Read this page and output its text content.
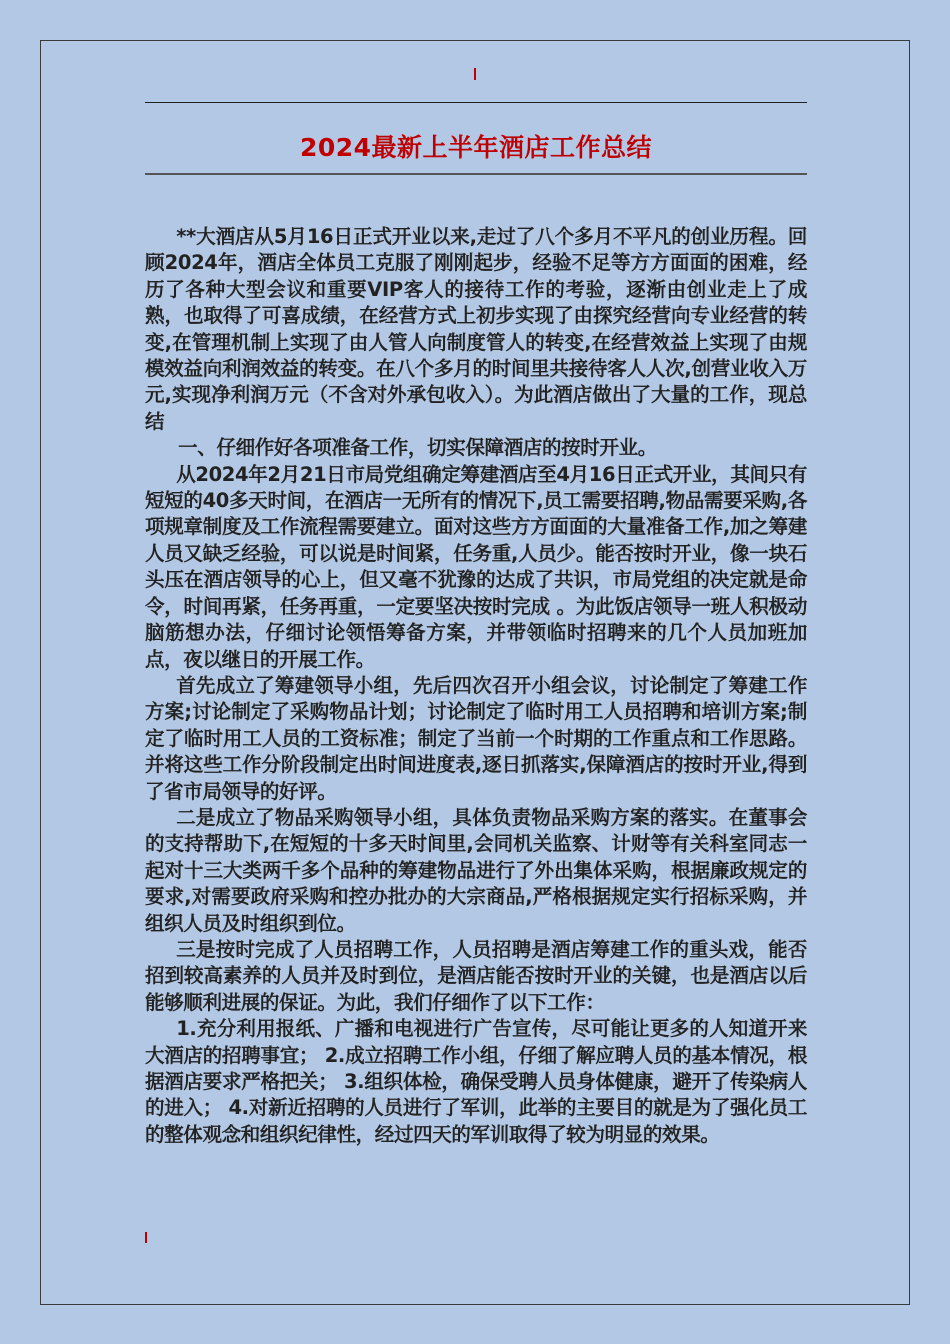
2024最新上半年酒店工作总结

**大酒店从5月16日正式开业以来,走过了八个多月不平凡的创业历程。回顾2024年，酒店全体员工克服了刚刚起步，经验不足等方方面面的困难，经历了各种大型会议和重要VIP客人的接待工作的考验，逐渐由创业走上了成熟，也取得了可喜成绩，在经营方式上初步实现了由探究经营向专业经营的转变,在管理机制上实现了由人管人向制度管人的转变,在经营效益上实现了由规模效益向利润效益的转变。在八个多月的时间里共接待客人人次,创营业收入万元,实现净利润万元（不含对外承包收入）。为此酒店做出了大量的工作，现总结

一、仔细作好各项准备工作，切实保障酒店的按时开业。

从2024年2月21日市局党组确定筹建酒店至4月16日正式开业，其间只有短短的40多天时间，在酒店一无所有的情况下,员工需要招聘,物品需要采购,各项规章制度及工作流程需要建立。面对这些方方面面的大量准备工作,加之筹建人员又缺乏经验，可以说是时间紧，任务重,人员少。能否按时开业，像一块石头压在酒店领导的心上，但又毫不犹豫的达成了共识，市局党组的决定就是命令，时间再紧，任务再重，一定要坚决按时完成 。为此饭店领导一班人积极动脑筋想办法，仔细讨论领悟筹备方案，并带领临时招聘来的几个人员加班加点，夜以继日的开展工作。

首先成立了筹建领导小组，先后四次召开小组会议，讨论制定了筹建工作方案;讨论制定了采购物品计划；讨论制定了临时用工人员招聘和培训方案;制定了临时用工人员的工资标准；制定了当前一个时期的工作重点和工作思路。并将这些工作分阶段制定出时间进度表,逐日抓落实,保障酒店的按时开业,得到了省市局领导的好评。

二是成立了物品采购领导小组，具体负责物品采购方案的落实。在董事会的支持帮助下,在短短的十多天时间里,会同机关监察、计财等有关科室同志一起对十三大类两千多个品种的筹建物品进行了外出集体采购，根据廉政规定的要求,对需要政府采购和控办批办的大宗商品,严格根据规定实行招标采购，并组织人员及时组织到位。

三是按时完成了人员招聘工作，人员招聘是酒店筹建工作的重头戏，能否招到较高素养的人员并及时到位，是酒店能否按时开业的关键，也是酒店以后能够顺利进展的保证。为此，我们仔细作了以下工作：

1.充分利用报纸、广播和电视进行广告宣传，尽可能让更多的人知道开来大酒店的招聘事宜； 2.成立招聘工作小组，仔细了解应聘人员的基本情况，根据酒店要求严格把关； 3.组织体检，确保受聘人员身体健康，避开了传染病人的进入； 4.对新近招聘的人员进行了军训，此举的主要目的就是为了强化员工的整体观念和组织纪律性，经过四天的军训取得了较为明显的效果。
